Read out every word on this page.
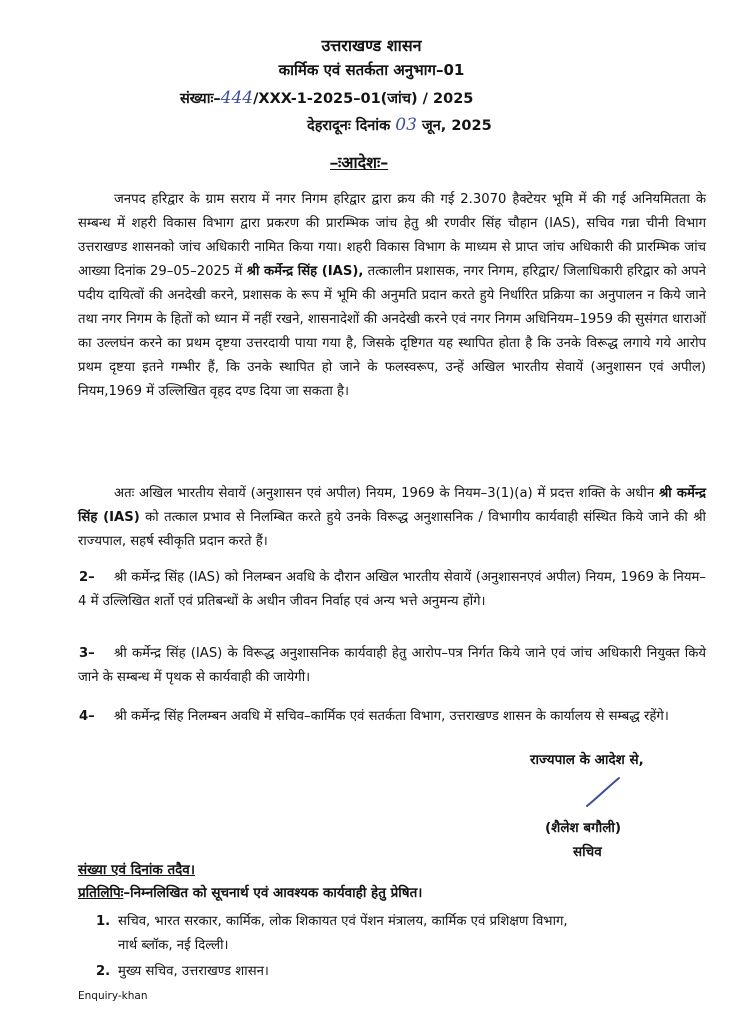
उत्तराखण्ड शासन
कार्मिक एवं सतर्कता अनुभाग–01
संख्याः–444/XXX-1-2025–01(जांच) / 2025
देहरादूनः दिनांक 03 जून, 2025
–ःआदेशः–
जनपद हरिद्वार के ग्राम सराय में नगर निगम हरिद्वार द्वारा क्रय की गई 2.3070 हैक्टेयर भूमि में की गई अनियमितता के सम्बन्ध में शहरी विकास विभाग द्वारा प्रकरण की प्रारम्भिक जांच हेतु श्री रणवीर सिंह चौहान (IAS), सचिव गन्ना चीनी विभाग उत्तराखण्ड शासनको जांच अधिकारी नामित किया गया। शहरी विकास विभाग के माध्यम से प्राप्त जांच अधिकारी की प्रारम्भिक जांच आख्या दिनांक 29–05–2025 में श्री कर्मेन्द्र सिंह (IAS), तत्कालीन प्रशासक, नगर निगम, हरिद्वार/ जिलाधिकारी हरिद्वार को अपने पदीय दायित्वों की अनदेखी करने, प्रशासक के रूप में भूमि की अनुमति प्रदान करते हुये निर्धारित प्रक्रिया का अनुपालन न किये जाने तथा नगर निगम के हितों को ध्यान में नहीं रखने, शासनादेशों की अनदेखी करने एवं नगर निगम अधिनियम–1959 की सुसंगत धाराओं का उल्लघंन करने का प्रथम दृष्टया उत्तरदायी पाया गया है, जिसके दृष्टिगत यह स्थापित होता है कि उनके विरूद्ध लगाये गये आरोप प्रथम दृष्टया इतने गम्भीर हैं, कि उनके स्थापित हो जाने के फलस्वरूप, उन्हें अखिल भारतीय सेवायें (अनुशासन एवं अपील) नियम,1969 में उल्लिखित वृहद दण्ड दिया जा सकता है।
अतः अखिल भारतीय सेवायें (अनुशासन एवं अपील) नियम, 1969 के नियम–3(1)(a) में प्रदत्त शक्ति के अधीन श्री कर्मेन्द्र सिंह (IAS) को तत्काल प्रभाव से निलम्बित करते हुये उनके विरूद्ध अनुशासनिक / विभागीय कार्यवाही संस्थित किये जाने की श्री राज्यपाल, सहर्ष स्वीकृति प्रदान करते हैं।
2–	श्री कर्मेन्द्र सिंह (IAS) को निलम्बन अवधि के दौरान अखिल भारतीय सेवायें (अनुशासनएवं अपील) नियम, 1969 के नियम–4 में उल्लिखित शर्तो एवं प्रतिबन्धों के अधीन जीवन निर्वाह एवं अन्य भत्ते अनुमन्य होंगे।
3–	श्री कर्मेन्द्र सिंह (IAS) के विरूद्ध अनुशासनिक कार्यवाही हेतु आरोप–पत्र निर्गत किये जाने एवं जांच अधिकारी नियुक्त किये जाने के सम्बन्ध में पृथक से कार्यवाही की जायेगी।
4–	श्री कर्मेन्द्र सिंह निलम्बन अवधि में सचिव–कार्मिक एवं सतर्कता विभाग, उत्तराखण्ड शासन के कार्यालय से सम्बद्ध रहेंगे।
राज्यपाल के आदेश से,
(शैलेश बगौली)
सचिव
संख्या एवं दिनांक तदैव।
प्रतिलिपिः–निम्नलिखित को सूचनार्थ एवं आवश्यक कार्यवाही हेतु प्रेषित।
1. सचिव, भारत सरकार, कार्मिक, लोक शिकायत एवं पेंशन मंत्रालय, कार्मिक एवं प्रशिक्षण विभाग,
नार्थ ब्लॉक, नई दिल्ली।
2. मुख्य सचिव, उत्तराखण्ड शासन।
Enquiry-khan
